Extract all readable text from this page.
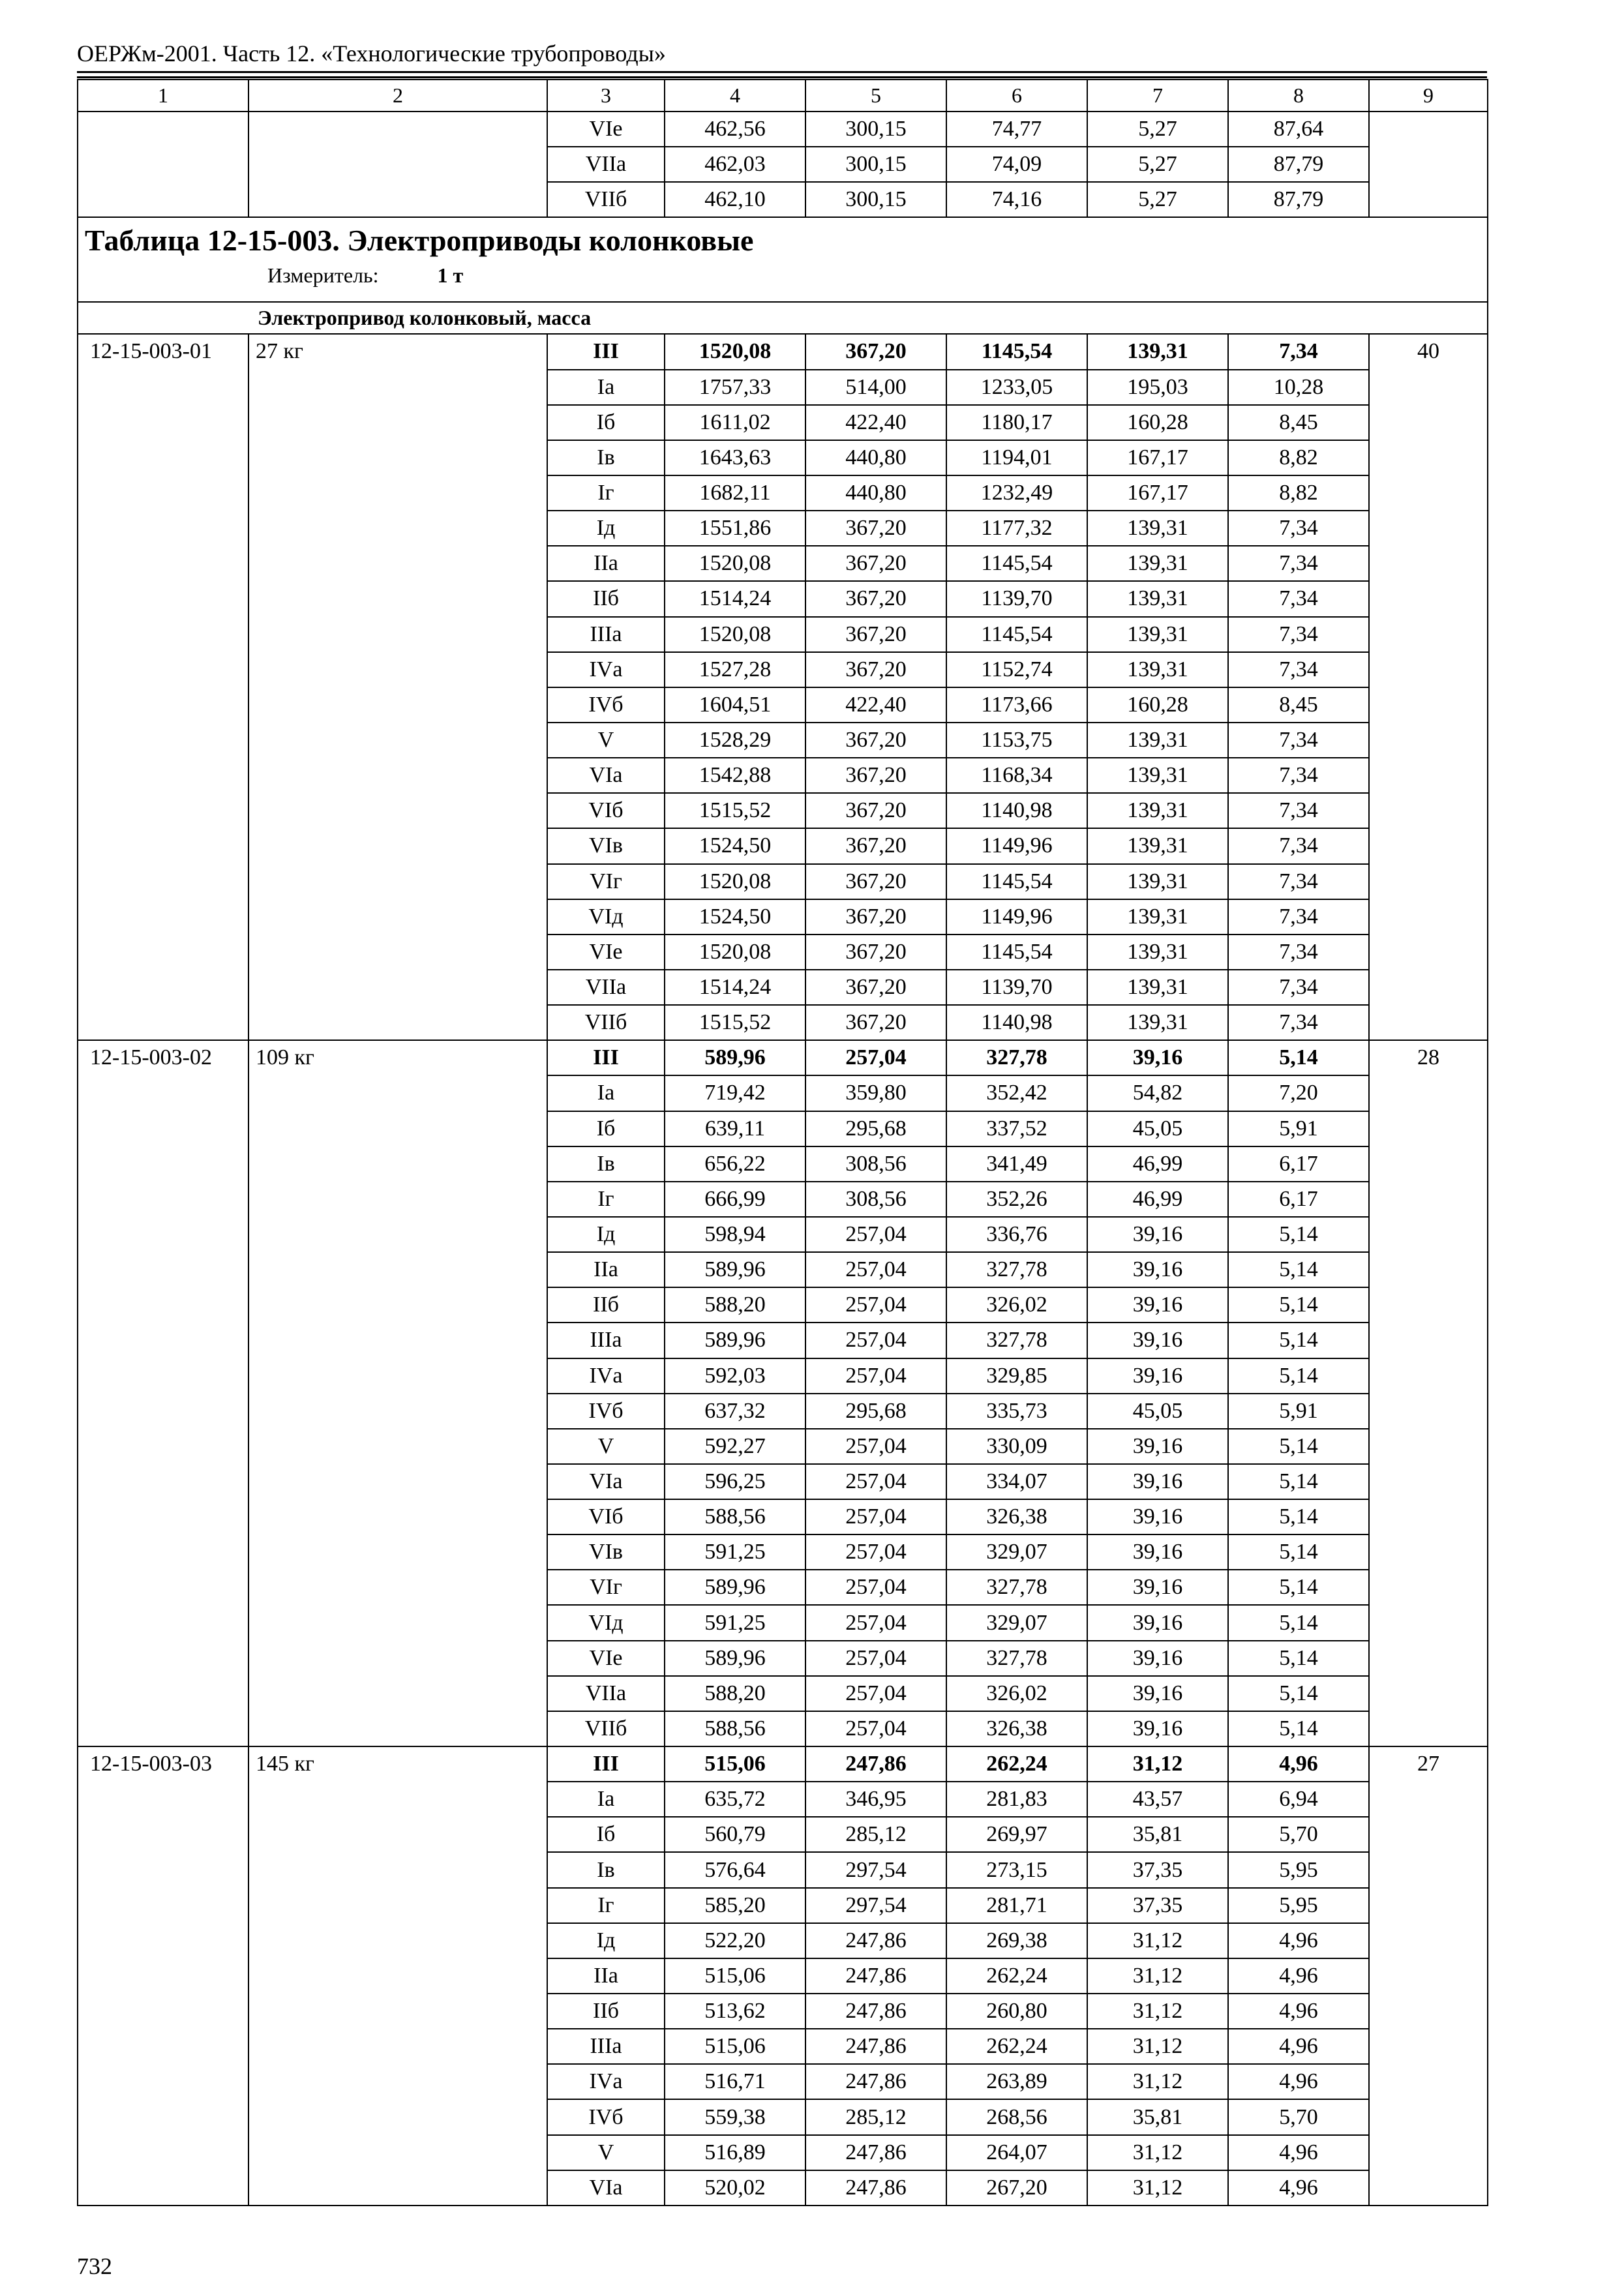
ОЕРЖм-2001. Часть 12. «Технологические трубопроводы»
1	2	3	4	5	6	7	8	9
		VIе	462,56	300,15	74,77	5,27	87,64	
		VIIа	462,03	300,15	74,09	5,27	87,79	
		VIIб	462,10	300,15	74,16	5,27	87,79	

Таблица 12-15-003. Электроприводы колонковые
Измеритель: 1 т								

Электропривод колонковый, масса								
12-15-003-01	27 кг	III	1520,08	367,20	1145,54	139,31	7,34	40
		Iа	1757,33	514,00	1233,05	195,03	10,28	
		Iб	1611,02	422,40	1180,17	160,28	8,45	
		Iв	1643,63	440,80	1194,01	167,17	8,82	
		Iг	1682,11	440,80	1232,49	167,17	8,82	
		Iд	1551,86	367,20	1177,32	139,31	7,34	
		IIа	1520,08	367,20	1145,54	139,31	7,34	
		IIб	1514,24	367,20	1139,70	139,31	7,34	
		IIIа	1520,08	367,20	1145,54	139,31	7,34	
		IVа	1527,28	367,20	1152,74	139,31	7,34	
		IVб	1604,51	422,40	1173,66	160,28	8,45	
		V	1528,29	367,20	1153,75	139,31	7,34	
		VIа	1542,88	367,20	1168,34	139,31	7,34	
		VIб	1515,52	367,20	1140,98	139,31	7,34	
		VIв	1524,50	367,20	1149,96	139,31	7,34	
		VIг	1520,08	367,20	1145,54	139,31	7,34	
		VIд	1524,50	367,20	1149,96	139,31	7,34	
		VIе	1520,08	367,20	1145,54	139,31	7,34	
		VIIа	1514,24	367,20	1139,70	139,31	7,34	
		VIIб	1515,52	367,20	1140,98	139,31	7,34	
12-15-003-02	109 кг	III	589,96	257,04	327,78	39,16	5,14	28
		Iа	719,42	359,80	352,42	54,82	7,20	
		Iб	639,11	295,68	337,52	45,05	5,91	
		Iв	656,22	308,56	341,49	46,99	6,17	
		Iг	666,99	308,56	352,26	46,99	6,17	
		Iд	598,94	257,04	336,76	39,16	5,14	
		IIа	589,96	257,04	327,78	39,16	5,14	
		IIб	588,20	257,04	326,02	39,16	5,14	
		IIIа	589,96	257,04	327,78	39,16	5,14	
		IVа	592,03	257,04	329,85	39,16	5,14	
		IVб	637,32	295,68	335,73	45,05	5,91	
		V	592,27	257,04	330,09	39,16	5,14	
		VIа	596,25	257,04	334,07	39,16	5,14	
		VIб	588,56	257,04	326,38	39,16	5,14	
		VIв	591,25	257,04	329,07	39,16	5,14	
		VIг	589,96	257,04	327,78	39,16	5,14	
		VIд	591,25	257,04	329,07	39,16	5,14	
		VIе	589,96	257,04	327,78	39,16	5,14	
		VIIа	588,20	257,04	326,02	39,16	5,14	
		VIIб	588,56	257,04	326,38	39,16	5,14	
12-15-003-03	145 кг	III	515,06	247,86	262,24	31,12	4,96	27
		Iа	635,72	346,95	281,83	43,57	6,94	
		Iб	560,79	285,12	269,97	35,81	5,70	
		Iв	576,64	297,54	273,15	37,35	5,95	
		Iг	585,20	297,54	281,71	37,35	5,95	
		Iд	522,20	247,86	269,38	31,12	4,96	
		IIа	515,06	247,86	262,24	31,12	4,96	
		IIб	513,62	247,86	260,80	31,12	4,96	
		IIIа	515,06	247,86	262,24	31,12	4,96	
		IVа	516,71	247,86	263,89	31,12	4,96	
		IVб	559,38	285,12	268,56	35,81	5,70	
		V	516,89	247,86	264,07	31,12	4,96	
		VIа	520,02	247,86	267,20	31,12	4,96	
732
